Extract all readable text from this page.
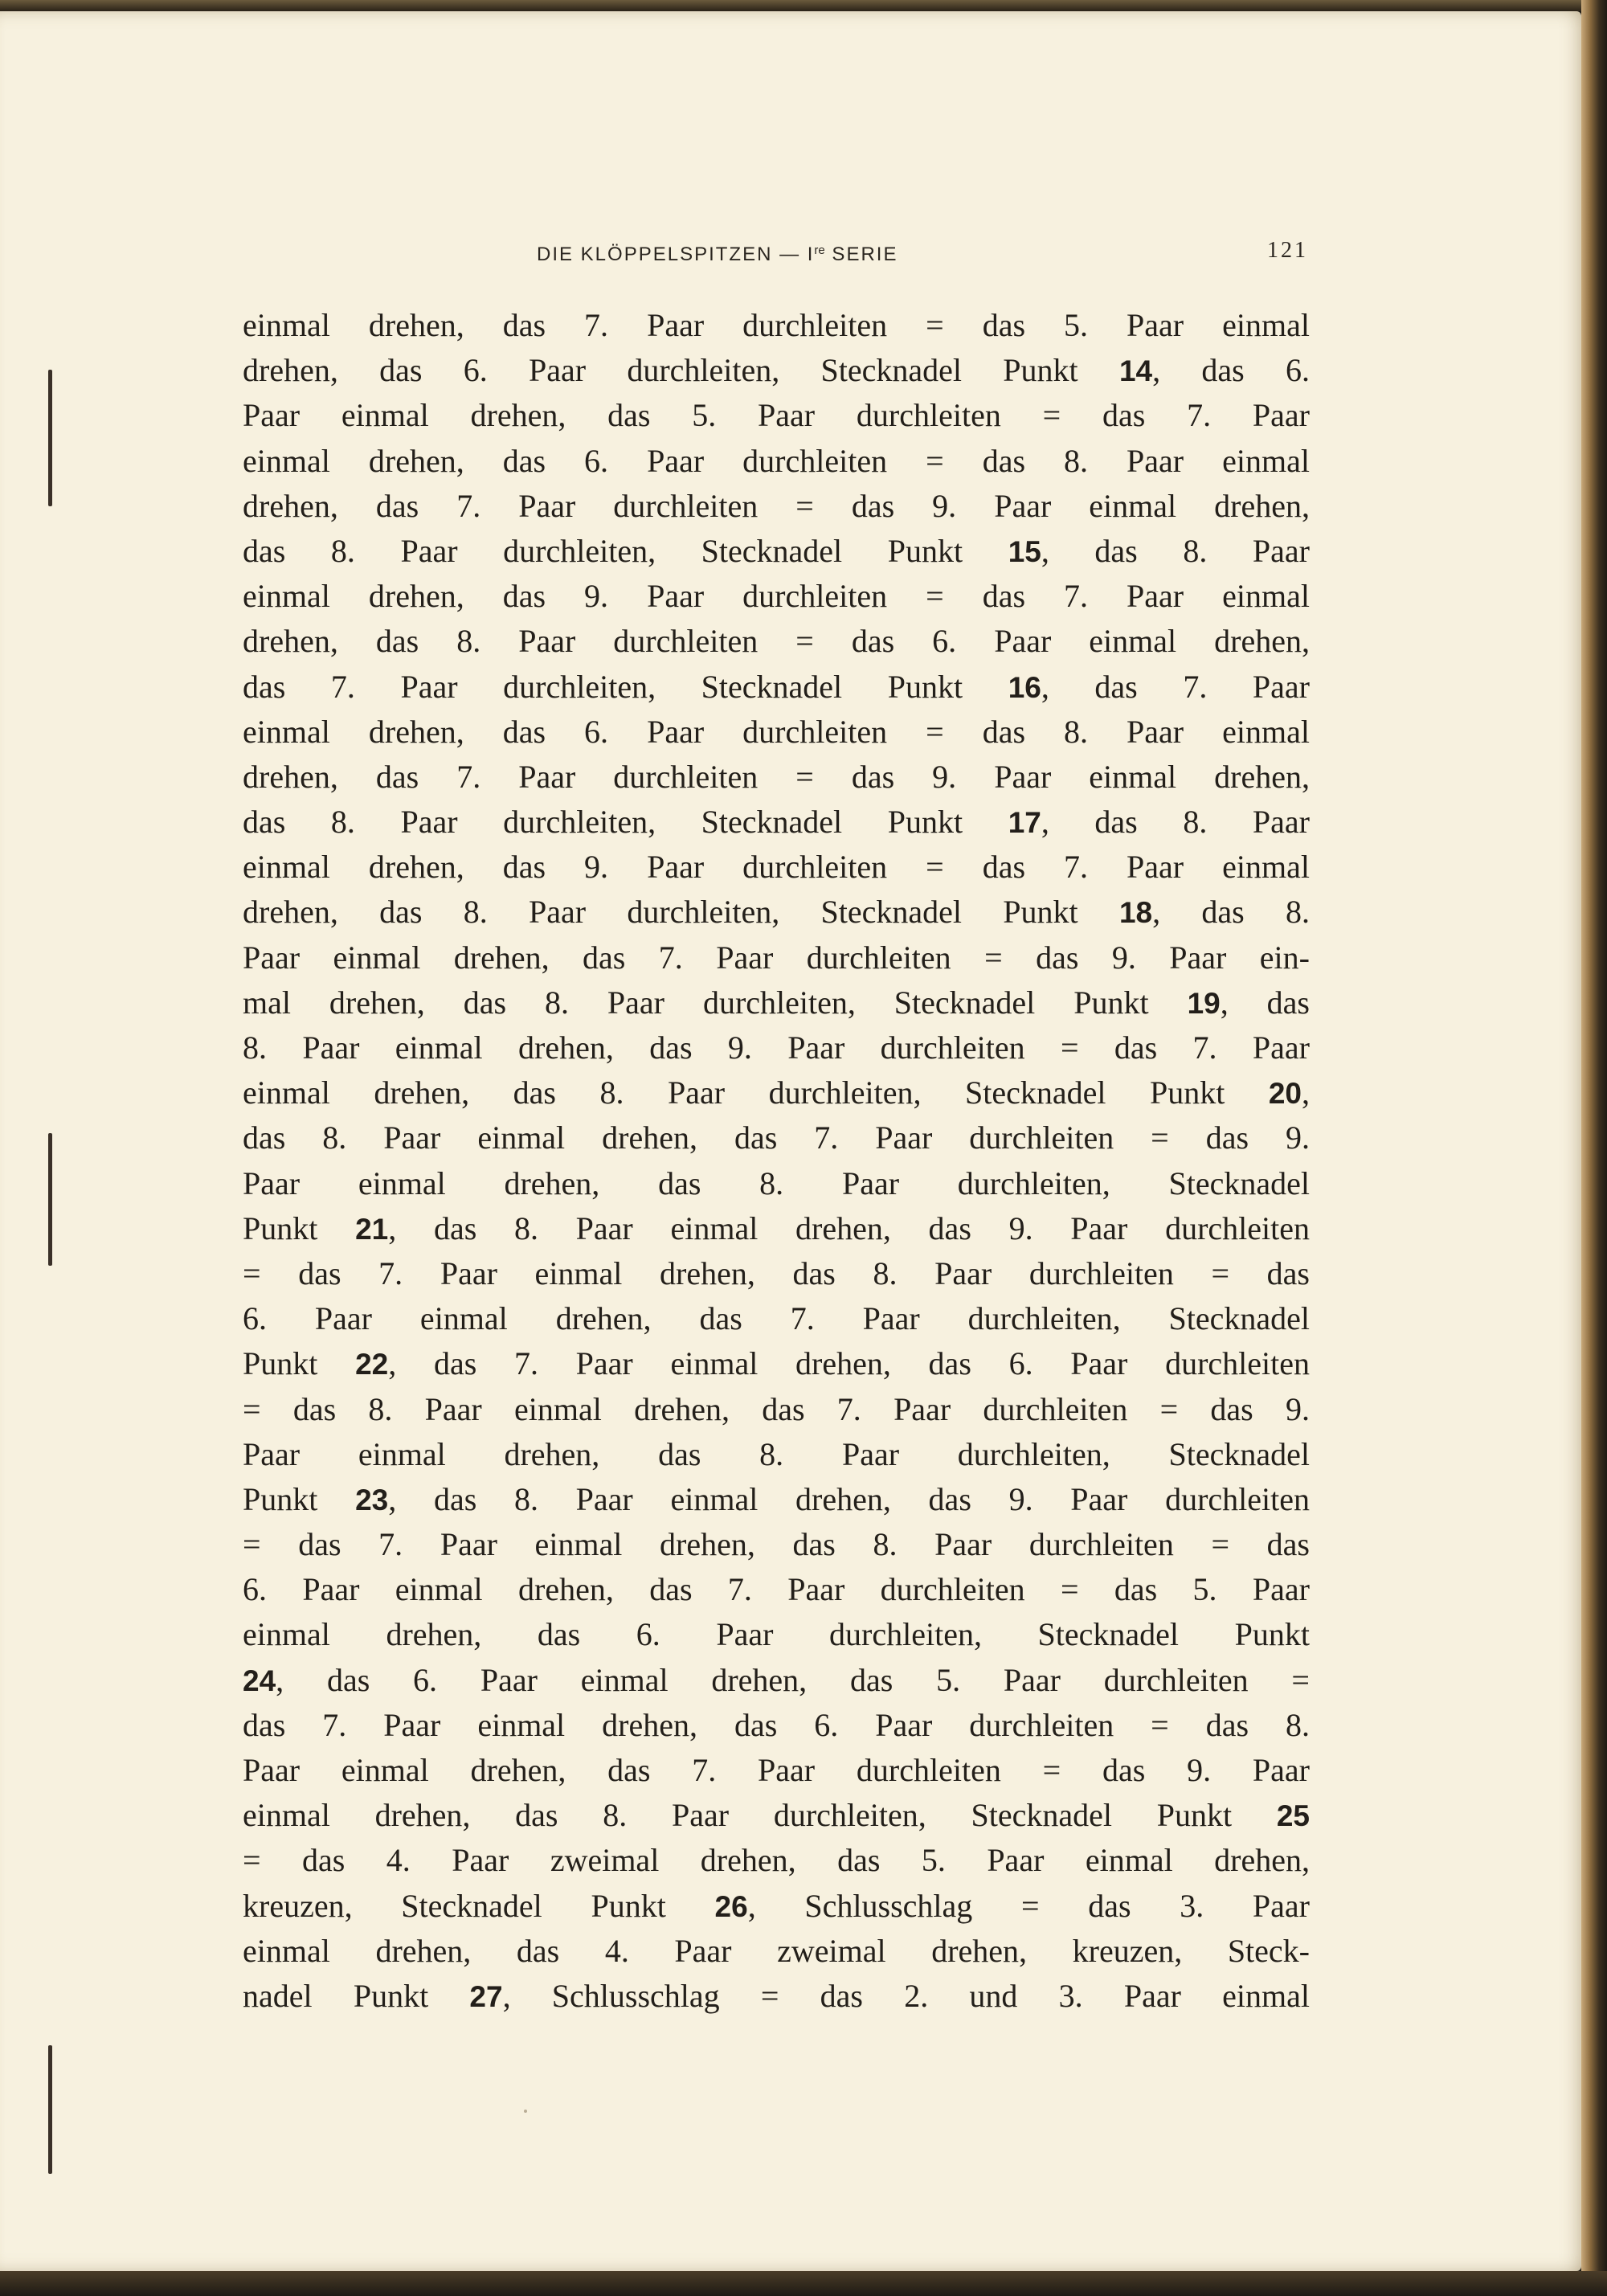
DIE KLÖPPELSPITZEN — Ire SERIE	121
einmal drehen, das 7. Paar durchleiten = das 5. Paar einmal
drehen, das 6. Paar durchleiten, Stecknadel Punkt 14, das 6.
Paar einmal drehen, das 5. Paar durchleiten = das 7. Paar
einmal drehen, das 6. Paar durchleiten = das 8. Paar einmal
drehen, das 7. Paar durchleiten = das 9. Paar einmal drehen,
das 8. Paar durchleiten, Stecknadel Punkt 15, das 8. Paar
einmal drehen, das 9. Paar durchleiten = das 7. Paar einmal
drehen, das 8. Paar durchleiten = das 6. Paar einmal drehen,
das 7. Paar durchleiten, Stecknadel Punkt 16, das 7. Paar
einmal drehen, das 6. Paar durchleiten = das 8. Paar einmal
drehen, das 7. Paar durchleiten = das 9. Paar einmal drehen,
das 8. Paar durchleiten, Stecknadel Punkt 17, das 8. Paar
einmal drehen, das 9. Paar durchleiten = das 7. Paar einmal
drehen, das 8. Paar durchleiten, Stecknadel Punkt 18, das 8.
Paar einmal drehen, das 7. Paar durchleiten = das 9. Paar ein-
mal drehen, das 8. Paar durchleiten, Stecknadel Punkt 19, das
8. Paar einmal drehen, das 9. Paar durchleiten = das 7. Paar
einmal drehen, das 8. Paar durchleiten, Stecknadel Punkt 20,
das 8. Paar einmal drehen, das 7. Paar durchleiten = das 9.
Paar einmal drehen, das 8. Paar durchleiten, Stecknadel
Punkt 21, das 8. Paar einmal drehen, das 9. Paar durchleiten
= das 7. Paar einmal drehen, das 8. Paar durchleiten = das
6. Paar einmal drehen, das 7. Paar durchleiten, Stecknadel
Punkt 22, das 7. Paar einmal drehen, das 6. Paar durchleiten
= das 8. Paar einmal drehen, das 7. Paar durchleiten = das 9.
Paar einmal drehen, das 8. Paar durchleiten, Stecknadel
Punkt 23, das 8. Paar einmal drehen, das 9. Paar durchleiten
= das 7. Paar einmal drehen, das 8. Paar durchleiten = das
6. Paar einmal drehen, das 7. Paar durchleiten = das 5. Paar
einmal drehen, das 6. Paar durchleiten, Stecknadel Punkt
24, das 6. Paar einmal drehen, das 5. Paar durchleiten =
das 7. Paar einmal drehen, das 6. Paar durchleiten = das 8.
Paar einmal drehen, das 7. Paar durchleiten = das 9. Paar
einmal drehen, das 8. Paar durchleiten, Stecknadel Punkt 25
= das 4. Paar zweimal drehen, das 5. Paar einmal drehen,
kreuzen, Stecknadel Punkt 26, Schlusschlag = das 3. Paar
einmal drehen, das 4. Paar zweimal drehen, kreuzen, Steck-
nadel Punkt 27, Schlusschlag = das 2. und 3. Paar einmal
